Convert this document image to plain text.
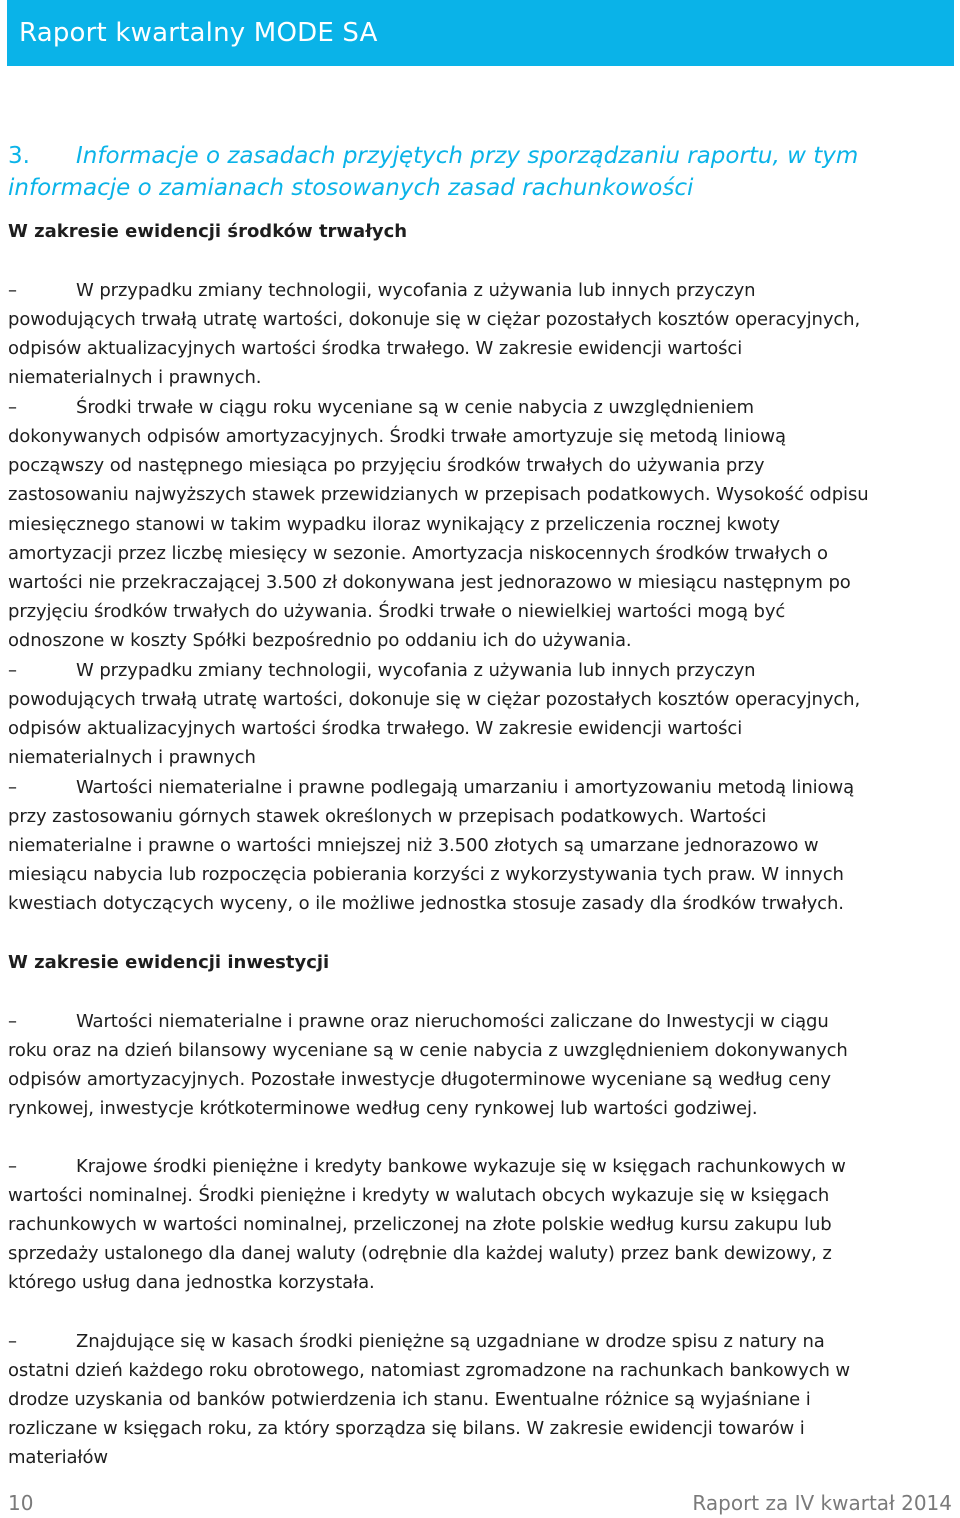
Raport kwartalny MODE SA
3. Informacje o zasadach przyjętych przy sporządzaniu raportu, w tym
informacje o zamianach stosowanych zasad rachunkowości
W zakresie ewidencji środków trwałych
–	W przypadku zmiany technologii, wycofania z używania lub innych przyczyn
powodujących trwałą utratę wartości, dokonuje się w ciężar pozostałych kosztów operacyjnych,
odpisów aktualizacyjnych wartości środka trwałego. W zakresie ewidencji wartości
niematerialnych i prawnych.
–	Środki trwałe w ciągu roku wyceniane są w cenie nabycia z uwzględnieniem
dokonywanych odpisów amortyzacyjnych. Środki trwałe amortyzuje się metodą liniową
począwszy od następnego miesiąca po przyjęciu środków trwałych do używania przy
zastosowaniu najwyższych stawek przewidzianych w przepisach podatkowych. Wysokość odpisu
miesięcznego stanowi w takim wypadku iloraz wynikający z przeliczenia rocznej kwoty
amortyzacji przez liczbę miesięcy w sezonie. Amortyzacja niskocennych środków trwałych o
wartości nie przekraczającej 3.500 zł dokonywana jest jednorazowo w miesiącu następnym po
przyjęciu środków trwałych do używania. Środki trwałe o niewielkiej wartości mogą być
odnoszone w koszty Spółki bezpośrednio po oddaniu ich do używania.
–	W przypadku zmiany technologii, wycofania z używania lub innych przyczyn
powodujących trwałą utratę wartości, dokonuje się w ciężar pozostałych kosztów operacyjnych,
odpisów aktualizacyjnych wartości środka trwałego. W zakresie ewidencji wartości
niematerialnych i prawnych
–	Wartości niematerialne i prawne podlegają umarzaniu i amortyzowaniu metodą liniową
przy zastosowaniu górnych stawek określonych w przepisach podatkowych. Wartości
niematerialne i prawne o wartości mniejszej niż 3.500 złotych są umarzane jednorazowo w
miesiącu nabycia lub rozpoczęcia pobierania korzyści z wykorzystywania tych praw. W innych
kwestiach dotyczących wyceny, o ile możliwe jednostka stosuje zasady dla środków trwałych.
W zakresie ewidencji inwestycji
–	Wartości niematerialne i prawne oraz nieruchomości zaliczane do Inwestycji w ciągu
roku oraz na dzień bilansowy wyceniane są w cenie nabycia z uwzględnieniem dokonywanych
odpisów amortyzacyjnych. Pozostałe inwestycje długoterminowe wyceniane są według ceny
rynkowej, inwestycje krótkoterminowe według ceny rynkowej lub wartości godziwej.
–	Krajowe środki pieniężne i kredyty bankowe wykazuje się w księgach rachunkowych w
wartości nominalnej. Środki pieniężne i kredyty w walutach obcych wykazuje się w księgach
rachunkowych w wartości nominalnej, przeliczonej na złote polskie według kursu zakupu lub
sprzedaży ustalonego dla danej waluty (odrębnie dla każdej waluty) przez bank dewizowy, z
którego usług dana jednostka korzystała.
–	Znajdujące się w kasach środki pieniężne są uzgadniane w drodze spisu z natury na
ostatni dzień każdego roku obrotowego, natomiast zgromadzone na rachunkach bankowych w
drodze uzyskania od banków potwierdzenia ich stanu. Ewentualne różnice są wyjaśniane i
rozliczane w księgach roku, za który sporządza się bilans. W zakresie ewidencji towarów i
materiałów
10	Raport za IV kwartał 2014
